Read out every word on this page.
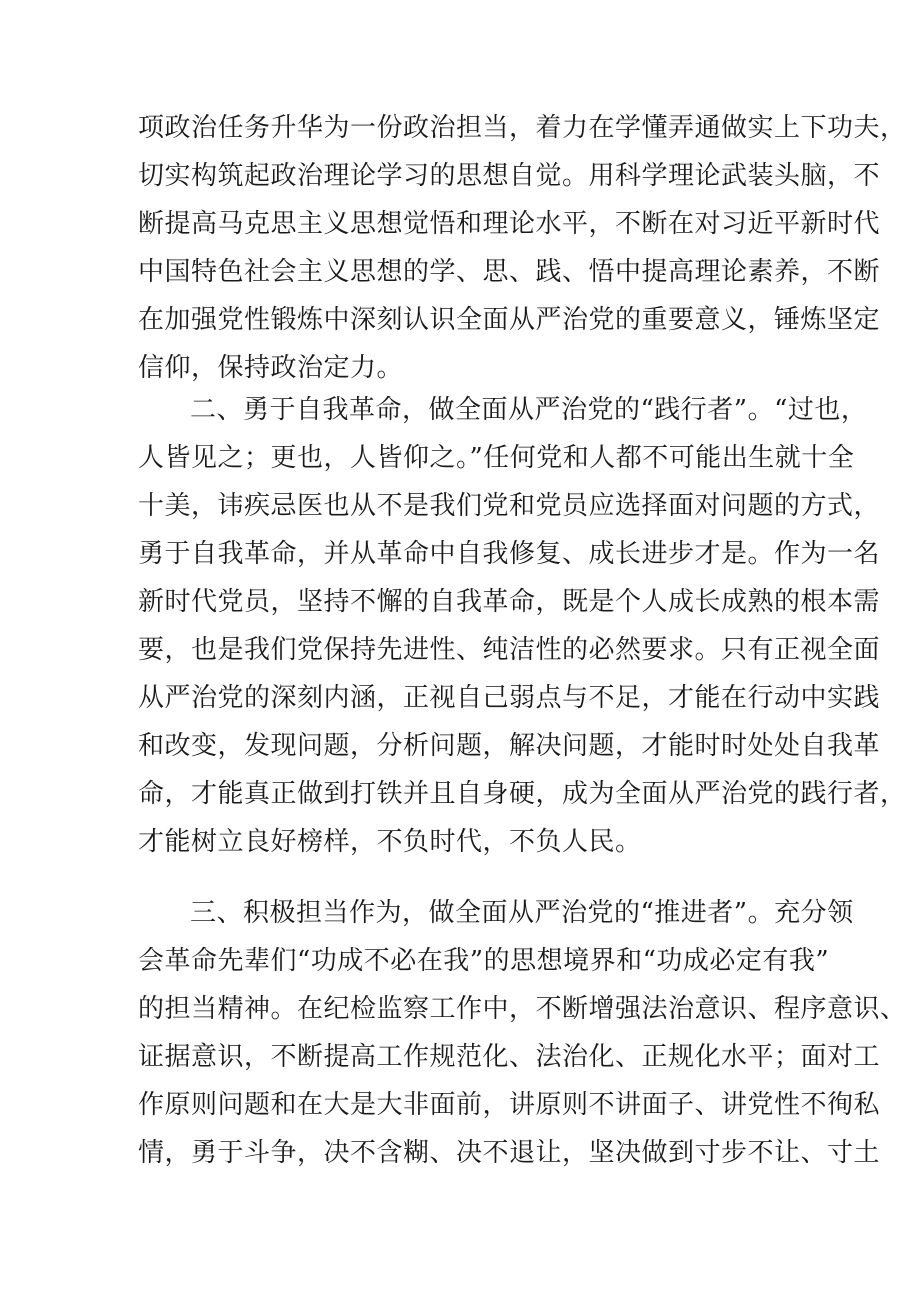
项政治任务升华为一份政治担当，着力在学懂弄通做实上下功夫，
切实构筑起政治理论学习的思想自觉。用科学理论武装头脑，不
断提高马克思主义思想觉悟和理论水平，不断在对习近平新时代
中国特色社会主义思想的学、思、践、悟中提高理论素养，不断
在加强党性锻炼中深刻认识全面从严治党的重要意义，锤炼坚定
信仰，保持政治定力。
二、勇于自我革命，做全面从严治党的“践行者”。“过也，
人皆见之；更也，人皆仰之。”任何党和人都不可能出生就十全
十美，讳疾忌医也从不是我们党和党员应选择面对问题的方式，
勇于自我革命，并从革命中自我修复、成长进步才是。作为一名
新时代党员，坚持不懈的自我革命，既是个人成长成熟的根本需
要，也是我们党保持先进性、纯洁性的必然要求。只有正视全面
从严治党的深刻内涵，正视自己弱点与不足，才能在行动中实践
和改变，发现问题，分析问题，解决问题，才能时时处处自我革
命，才能真正做到打铁并且自身硬，成为全面从严治党的践行者，
才能树立良好榜样，不负时代，不负人民。
三、积极担当作为，做全面从严治党的“推进者”。充分领
会革命先辈们“功成不必在我”的思想境界和“功成必定有我”
的担当精神。在纪检监察工作中，不断增强法治意识、程序意识、
证据意识，不断提高工作规范化、法治化、正规化水平；面对工
作原则问题和在大是大非面前，讲原则不讲面子、讲党性不徇私
情，勇于斗争，决不含糊、决不退让，坚决做到寸步不让、寸土
